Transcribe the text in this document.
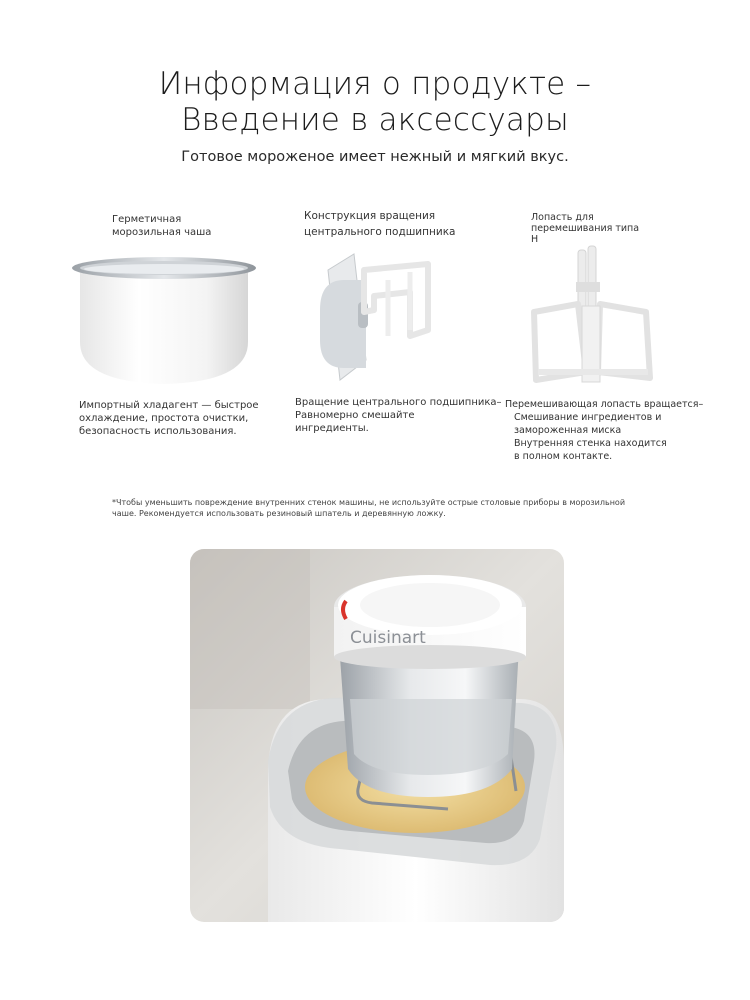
Информация о продукте –
Введение в аксессуары
Готовое мороженое имеет нежный и мягкий вкус.
Герметичная
морозильная чаша
Импортный хладагент — быстрое
охлаждение, простота очистки,
безопасность использования.
Конструкция вращения
центрального подшипника
Вращение центрального подшипника–
Равномерно смешайте
ингредиенты.
Лопасть для
перемешивания типа
H
Перемешивающая лопасть вращается–
Смешивание ингредиентов и
замороженная миска
Внутренняя стенка находится
в полном контакте.
*Чтобы уменьшить повреждение внутренних стенок машины, не используйте острые столовые приборы в морозильной
чаше. Рекомендуется использовать резиновый шпатель и деревянную ложку.
Cuisinart
